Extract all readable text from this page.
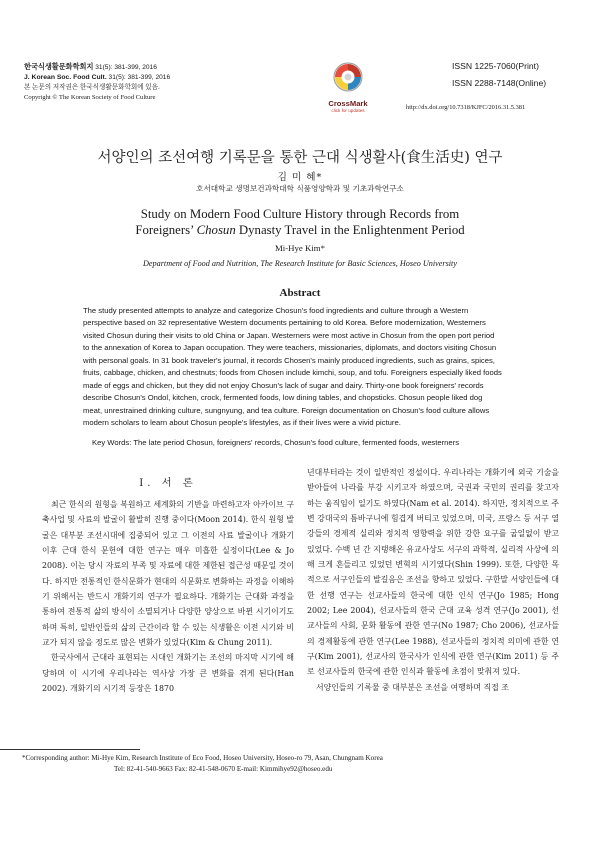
한국식생활문화학회지 31(5): 381-399, 2016
J. Korean Soc. Food Cult. 31(5): 381-399, 2016
본 논문의 저작권은 한국식생활문화학회에 있음.
Copyright © The Korean Society of Food Culture
CrossMark
click for updates
ISSN 1225-7060(Print)
ISSN 2288-7148(Online)
http://dx.doi.org/10.7318/KJFC/2016.31.5.381
서양인의 조선여행 기록문을 통한 근대 식생활사(食生活史) 연구
김 미 혜*
호서대학교 생명보건과학대학 식품영양학과 및 기초과학연구소
Study on Modern Food Culture History through Records from
Foreigners’ Chosun Dynasty Travel in the Enlightenment Period
Mi-Hye Kim*
Department of Food and Nutrition, The Research Institute for Basic Sciences, Hoseo University
Abstract
The study presented attempts to analyze and categorize Chosun's food ingredients and culture through a Western
perspective based on 32 representative Western documents pertaining to old Korea. Before modernization, Westerners
visited Chosun during their visits to old China or Japan. Westerners were most active in Chosun from the open port period
to the annexation of Korea to Japan occupation. They were teachers, missionaries, diplomats, and doctors visiting Chosun
with personal goals. In 31 book traveler's journal, it records Chosen's mainly produced ingredients, such as grains, spices,
fruits, cabbage, chicken, and chestnuts; foods from Chosen include kimchi, soup, and tofu. Foreigners especially liked foods
made of eggs and chicken, but they did not enjoy Chosun's lack of sugar and dairy. Thirty-one book foreigners' records
describe Chosun's Ondol, kitchen, crock, fermented foods, low dining tables, and chopsticks. Chosun people liked dog
meat, unrestrained drinking culture, sungnyung, and tea culture. Foreign documentation on Chosun's food culture allows
modern scholars to learn about Chosun people's lifestyles, as if their lives were a vivid picture.
Key Words: The late period Chosun, foreigners' records, Chosun's food culture, fermented foods, westerners
I. 서 론

최근 한식의 원형을 복원하고 세계화의 기반을 마련하고자 아카이브 구축사업 및 사료의 발굴이 활발히 진행 중이다(Moon 2014). 한식 원형 발굴은 대부분 조선시대에 집중되어 있고 그 이전의 사료 발굴이나 개화기 이후 근대 한식 문헌에 대한 연구는 매우 미흡한 실정이다(Lee & Jo 2008). 이는 당시 자료의 부족 및 자료에 대한 제한된 접근성 때문일 것이다. 하지만 전통적인 한식문화가 현대의 식문화로 변화하는 과정을 이해하기 위해서는 반드시 개화기의 연구가 필요하다. 개화기는 근대화 과정을 통하여 전통적 삶의 방식이 소멸되거나 다양한 양상으로 바뀐 시기이기도 하며 특히, 일반인들의 삶의 근간이라 할 수 있는 식생활은 이전 시기와 비교가 되지 않을 정도로 많은 변화가 있었다(Kim & Chung 2011).

한국사에서 근대라 표현되는 시대인 개화기는 조선의 마지막 시기에 해당하며 이 시기에 우리나라는 역사상 가장 큰 변화를 겪게 된다(Han 2002). 개화기의 시기적 등장은 1870

년대부터라는 것이 일반적인 정설이다. 우리나라는 개화기에 외국 기술을 받아들여 나라를 부강 시키고자 하였으며, 국권과 국민의 권리를 찾고자 하는 움직임이 일기도 하였다(Nam et al. 2014). 하지만, 정치적으로 주변 강대국의 틈바구니에 힘겹게 버티고 있었으며, 미국, 프랑스 등 서구 열강들의 경제적 실리와 정치적 영향력을 위한 강한 요구를 굽일없이 받고 있었다. 수백 년 간 지탱해온 유교사상도 서구의 과학적, 실리적 사상에 의해 크게 흔들리고 있었던 변혁의 시기였다(Shin 1999). 또한, 다양한 목적으로 서구인들의 발길음은 조선을 향하고 있었다. 구한말 서양인들에 대한 선행 연구는 선교사들의 한국에 대한 인식 연구(Jo 1985; Hong 2002; Lee 2004), 선교사들의 한국 근대 교육 성격 연구(Jo 2001), 선교사들의 사회, 문화 활동에 관한 연구(No 1987; Cho 2006), 선교사들의 경제활동에 관한 연구(Lee 1988), 선교사들의 정치적 의미에 관한 연구(Kim 2001), 선교사의 한국사가 인식에 관한 연구(Kim 2011) 등 주로 선교사들의 한국에 관한 인식과 활동에 초점이 맞춰져 있다.

서양인들의 기록물 중 대부분은 조선을 여행하며 직접 조

*Corresponding author: Mi-Hye Kim, Research Institute of Eco Food, Hoseo University, Hoseo-ro 79, Asan, Chungnam Korea
Tel: 82-41-540-9663 Fax: 82-41-548-0670 E-mail: Kimmihye92@hoseo.edu
